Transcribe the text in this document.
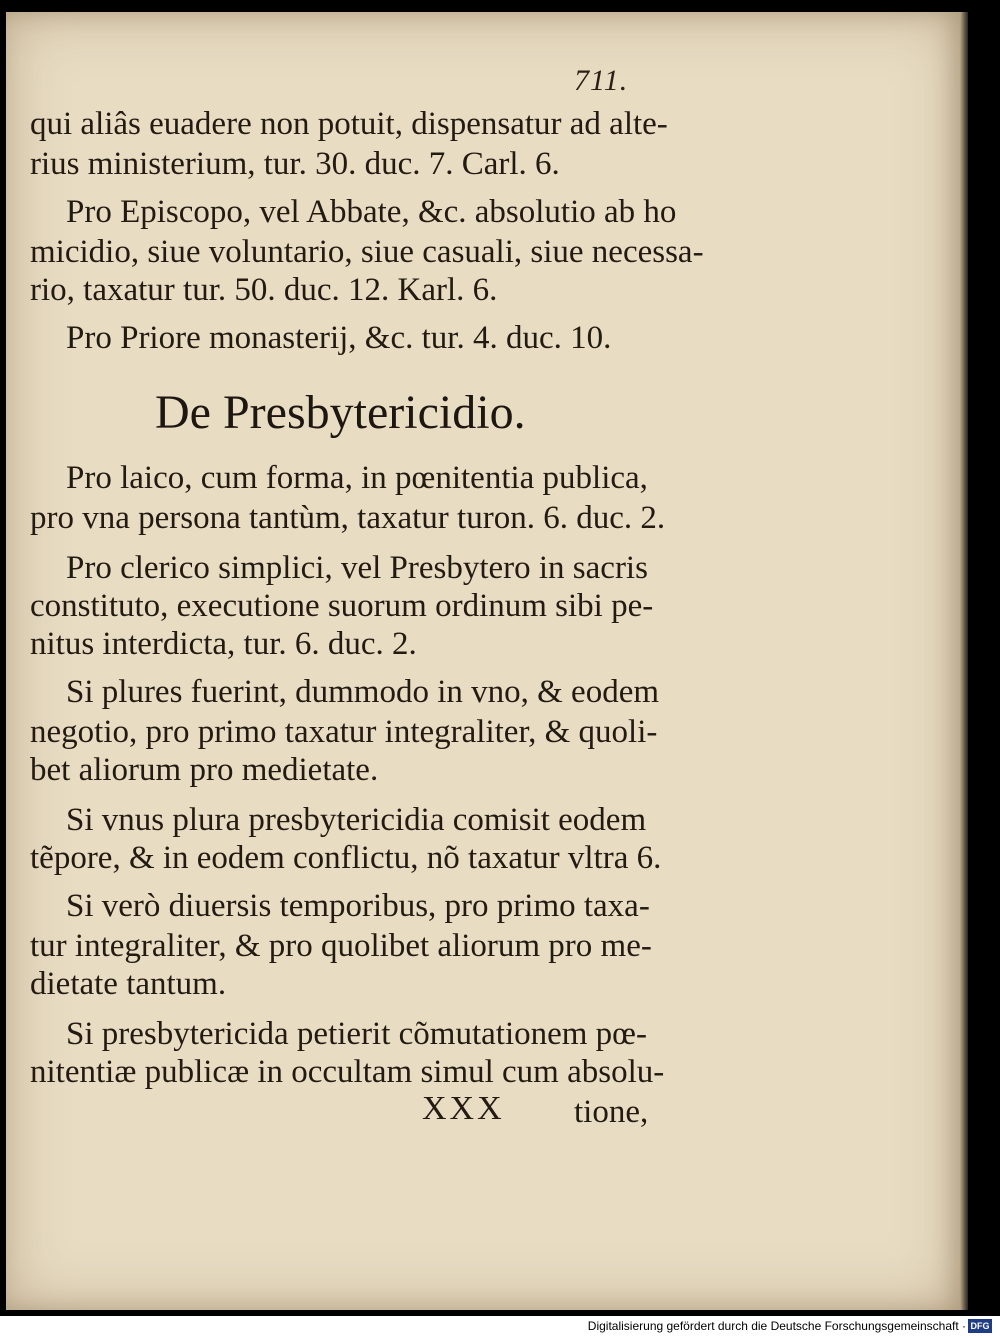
711.
qui aliâs euadere non potuit, dispensatur ad alte-
rius ministerium, tur. 30. duc. 7. Carl. 6.
Pro Episcopo, vel Abbate, &c. absolutio ab ho
micidio, siue voluntario, siue casuali, siue necessa-
rio, taxatur tur. 50. duc. 12. Karl. 6.
Pro Priore monasterij, &c. tur. 4. duc. 10.
De Presbytericidio.
Pro laico, cum forma, in pœnitentia publica,
pro vna persona tantùm, taxatur turon. 6. duc. 2.
Pro clerico simplici, vel Presbytero in sacris
constituto, executione suorum ordinum sibi pe-
nitus interdicta, tur. 6. duc. 2.
Si plures fuerint, dummodo in vno, & eodem
negotio, pro primo taxatur integraliter, & quoli-
bet aliorum pro medietate.
Si vnus plura presbytericidia comisit eodem
tẽpore, & in eodem conflictu, nõ taxatur vltra 6.
Si verò diuersis temporibus, pro primo taxa-
tur integraliter, & pro quolibet aliorum pro me-
dietate tantum.
Si presbytericida petierit cõmutationem pœ-
nitentiæ publicæ in occultam simul cum absolu-
XXX tione,
Digitalisierung gefördert durch die Deutsche Forschungsgemeinschaft · DFG
